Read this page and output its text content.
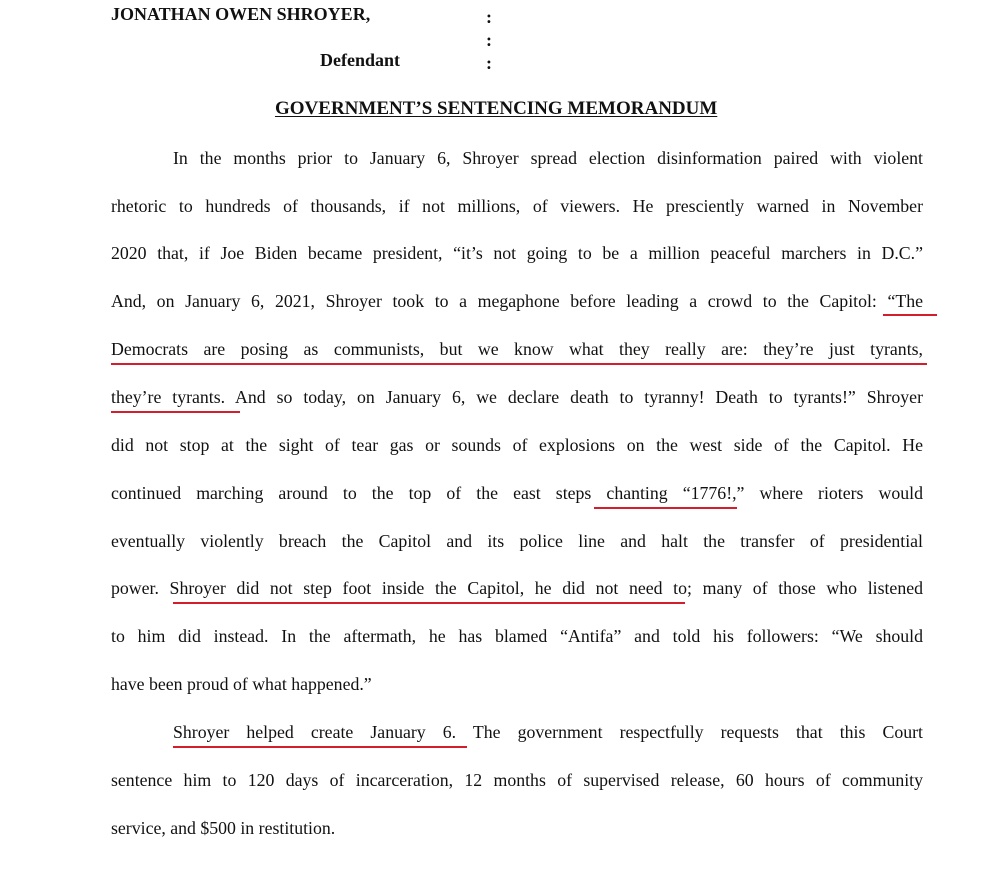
JONATHAN OWEN SHROYER,	:
:
:
Defendant
GOVERNMENT’S SENTENCING MEMORANDUM
In the months prior to January 6, Shroyer spread election disinformation paired with violent
rhetoric to hundreds of thousands, if not millions, of viewers. He presciently warned in November
2020 that, if Joe Biden became president, “it’s not going to be a million peaceful marchers in D.C.”
And, on January 6, 2021, Shroyer took to a megaphone before leading a crowd to the Capitol: “The
Democrats are posing as communists, but we know what they really are: they’re just tyrants,
they’re tyrants. And so today, on January 6, we declare death to tyranny! Death to tyrants!” Shroyer
did not stop at the sight of tear gas or sounds of explosions on the west side of the Capitol. He
continued marching around to the top of the east steps chanting “1776!,” where rioters would
eventually violently breach the Capitol and its police line and halt the transfer of presidential
power. Shroyer did not step foot inside the Capitol, he did not need to; many of those who listened
to him did instead. In the aftermath, he has blamed “Antifa” and told his followers: “We should
have been proud of what happened.”
Shroyer helped create January 6. The government respectfully requests that this Court
sentence him to 120 days of incarceration, 12 months of supervised release, 60 hours of community
service, and $500 in restitution.
